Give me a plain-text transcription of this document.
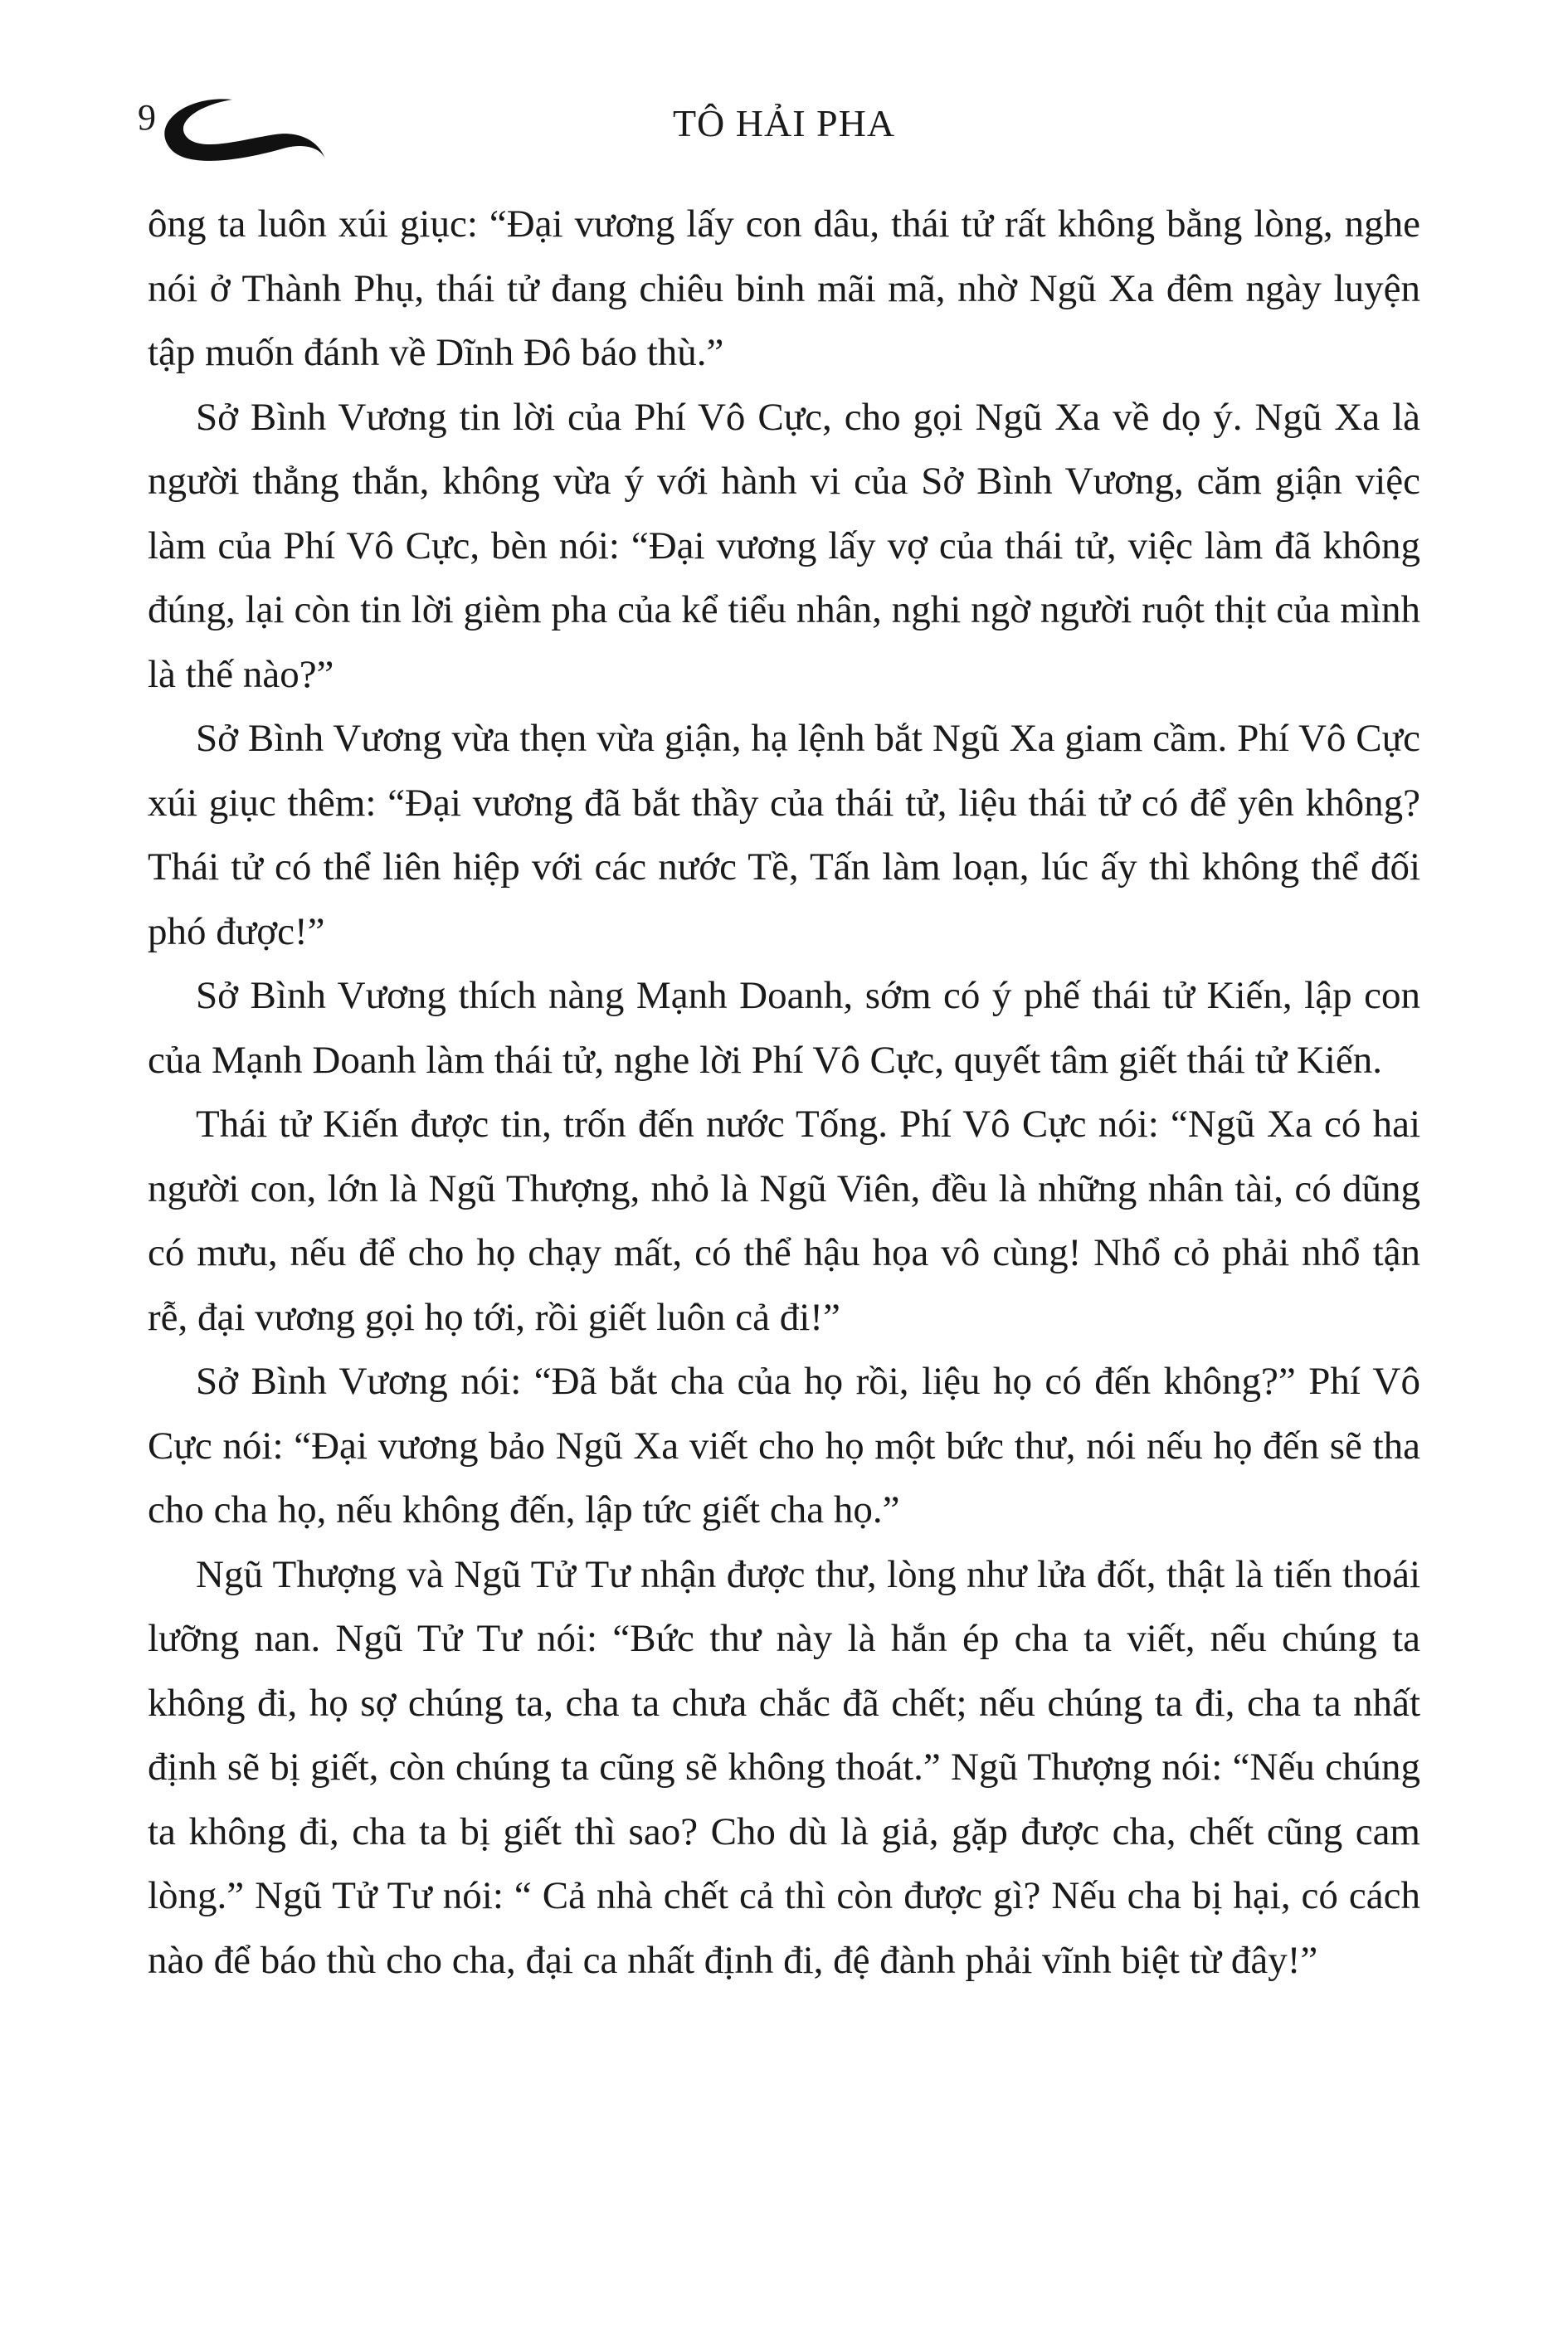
9	TÔ HẢI PHA

ông ta luôn xúi giục: “Đại vương lấy con dâu, thái tử rất không bằng lòng, nghe nói ở Thành Phụ, thái tử đang chiêu binh mãi mã, nhờ Ngũ Xa đêm ngày luyện tập muốn đánh về Dĩnh Đô báo thù.”

Sở Bình Vương tin lời của Phí Vô Cực, cho gọi Ngũ Xa về dọ ý. Ngũ Xa là người thẳng thắn, không vừa ý với hành vi của Sở Bình Vương, căm giận việc làm của Phí Vô Cực, bèn nói: “Đại vương lấy vợ của thái tử, việc làm đã không đúng, lại còn tin lời gièm pha của kể tiểu nhân, nghi ngờ người ruột thịt của mình là thế nào?”

Sở Bình Vương vừa thẹn vừa giận, hạ lệnh bắt Ngũ Xa giam cầm. Phí Vô Cực xúi giục thêm: “Đại vương đã bắt thầy của thái tử, liệu thái tử có để yên không? Thái tử có thể liên hiệp với các nước Tề, Tấn làm loạn, lúc ấy thì không thể đối phó được!”

Sở Bình Vương thích nàng Mạnh Doanh, sớm có ý phế thái tử Kiến, lập con của Mạnh Doanh làm thái tử, nghe lời Phí Vô Cực, quyết tâm giết thái tử Kiến.

Thái tử Kiến được tin, trốn đến nước Tống. Phí Vô Cực nói: “Ngũ Xa có hai người con, lớn là Ngũ Thượng, nhỏ là Ngũ Viên, đều là những nhân tài, có dũng có mưu, nếu để cho họ chạy mất, có thể hậu họa vô cùng! Nhổ cỏ phải nhổ tận rễ, đại vương gọi họ tới, rồi giết luôn cả đi!”

Sở Bình Vương nói: “Đã bắt cha của họ rồi, liệu họ có đến không?” Phí Vô Cực nói: “Đại vương bảo Ngũ Xa viết cho họ một bức thư, nói nếu họ đến sẽ tha cho cha họ, nếu không đến, lập tức giết cha họ.”

Ngũ Thượng và Ngũ Tử Tư nhận được thư, lòng như lửa đốt, thật là tiến thoái lưỡng nan. Ngũ Tử Tư nói: “Bức thư này là hắn ép cha ta viết, nếu chúng ta không đi, họ sợ chúng ta, cha ta chưa chắc đã chết; nếu chúng ta đi, cha ta nhất định sẽ bị giết, còn chúng ta cũng sẽ không thoát.” Ngũ Thượng nói: “Nếu chúng ta không đi, cha ta bị giết thì sao? Cho dù là giả, gặp được cha, chết cũng cam lòng.” Ngũ Tử Tư nói: “ Cả nhà chết cả thì còn được gì? Nếu cha bị hại, có cách nào để báo thù cho cha, đại ca nhất định đi, đệ đành phải vĩnh biệt từ đây!”
